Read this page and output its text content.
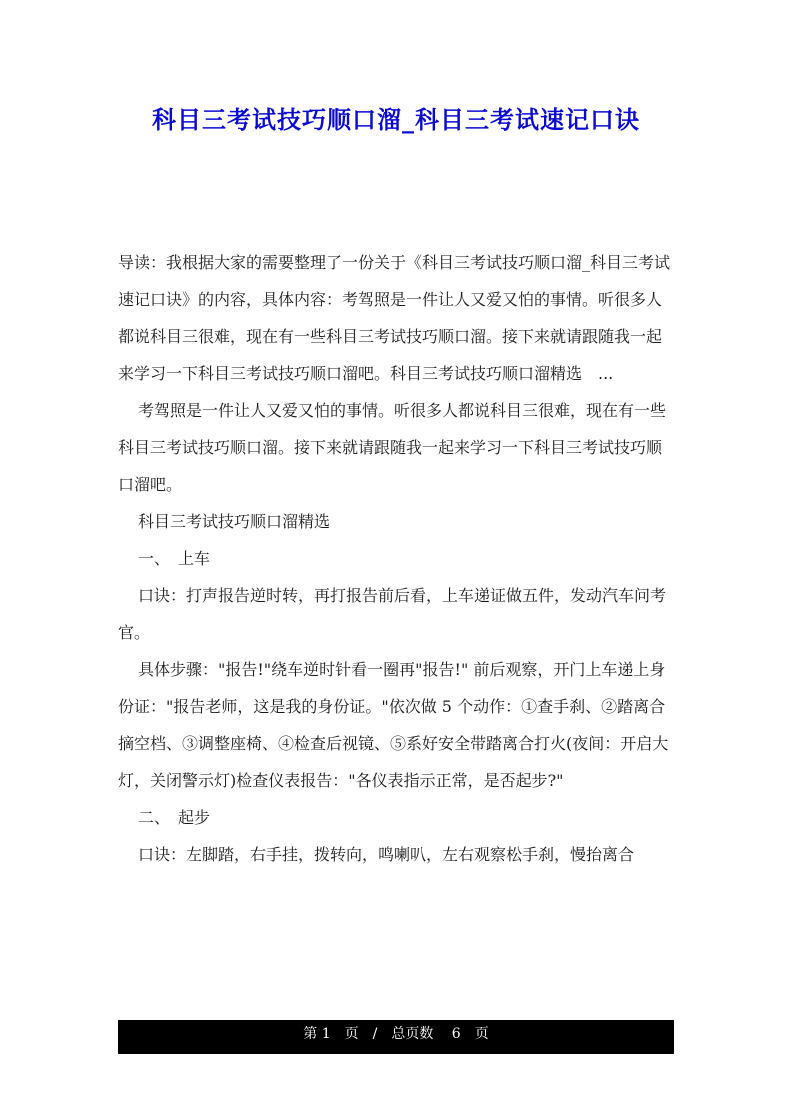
科目三考试技巧顺口溜_科目三考试速记口诀

导读：我根据大家的需要整理了一份关于《科目三考试技巧顺口溜_科目三考试速记口诀》的内容，具体内容：考驾照是一件让人又爱又怕的事情。听很多人都说科目三很难，现在有一些科目三考试技巧顺口溜。接下来就请跟随我一起来学习一下科目三考试技巧顺口溜吧。科目三考试技巧顺口溜精选　...

考驾照是一件让人又爱又怕的事情。听很多人都说科目三很难，现在有一些科目三考试技巧顺口溜。接下来就请跟随我一起来学习一下科目三考试技巧顺口溜吧。

科目三考试技巧顺口溜精选

一、　上车

口诀：打声报告逆时转，再打报告前后看，上车递证做五件，发动汽车问考官。

具体步骤："报告!"绕车逆时针看一圈再"报告!" 前后观察，开门上车递上身份证："报告老师，这是我的身份证。"依次做 5 个动作：①查手刹、②踏离合摘空档、③调整座椅、④检查后视镜、⑤系好安全带踏离合打火(夜间：开启大灯，关闭警示灯)检查仪表报告："各仪表指示正常，是否起步?"

二、　起步

口诀：左脚踏，右手挂，拨转向，鸣喇叭，左右观察松手刹，慢抬离合

第 1　页　/　总页数　 6　页
